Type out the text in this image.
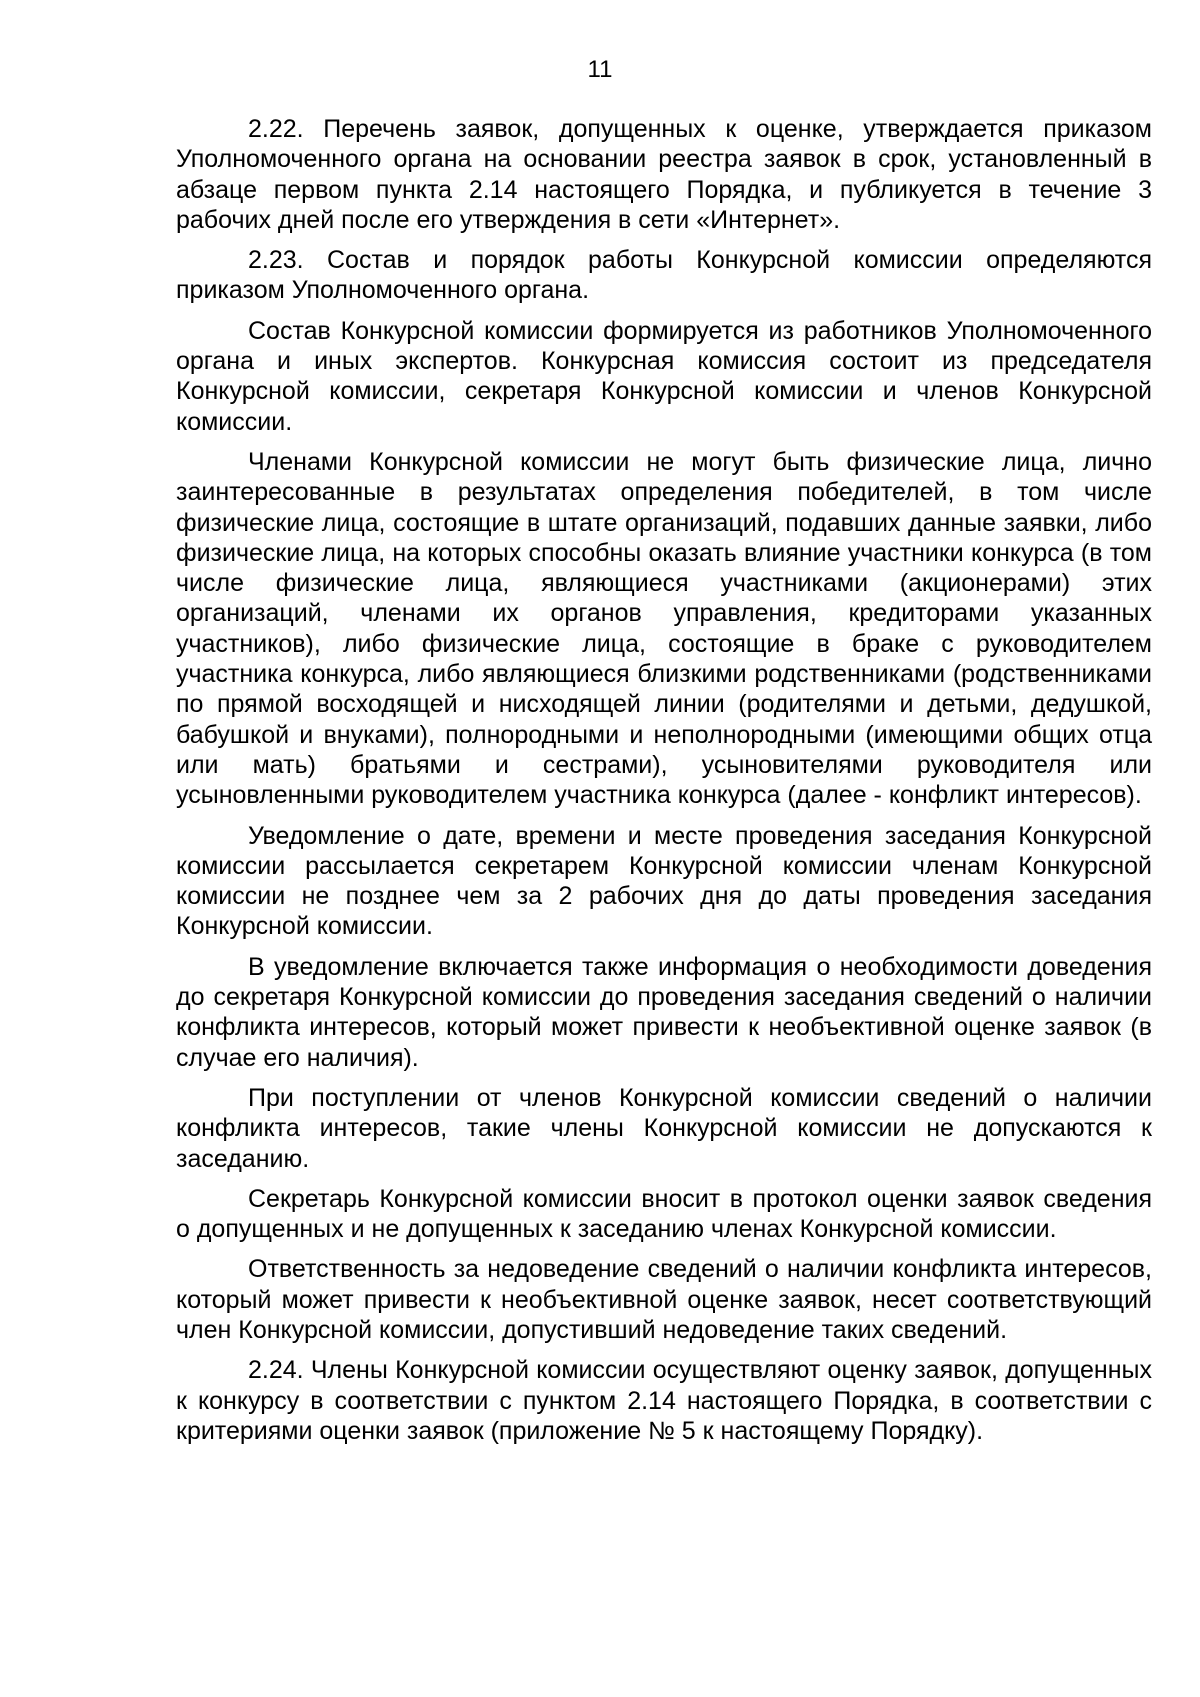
11

2.22. Перечень заявок, допущенных к оценке, утверждается приказом Уполномоченного органа на основании реестра заявок в срок, установленный в абзаце первом пункта 2.14 настоящего Порядка, и публикуется в течение 3 рабочих дней после его утверждения в сети «Интернет».

2.23. Состав и порядок работы Конкурсной комиссии определяются приказом Уполномоченного органа.

Состав Конкурсной комиссии формируется из работников Уполномоченного органа и иных экспертов. Конкурсная комиссия состоит из председателя Конкурсной комиссии, секретаря Конкурсной комиссии и членов Конкурсной комиссии.

Членами Конкурсной комиссии не могут быть физические лица, лично заинтересованные в результатах определения победителей, в том числе физические лица, состоящие в штате организаций, подавших данные заявки, либо физические лица, на которых способны оказать влияние участники конкурса (в том числе физические лица, являющиеся участниками (акционерами) этих организаций, членами их органов управления, кредиторами указанных участников), либо физические лица, состоящие в браке с руководителем участника конкурса, либо являющиеся близкими родственниками (родственниками по прямой восходящей и нисходящей линии (родителями и детьми, дедушкой, бабушкой и внуками), полнородными и неполнородными (имеющими общих отца или мать) братьями и сестрами), усыновителями руководителя или усыновленными руководителем участника конкурса (далее - конфликт интересов).

Уведомление о дате, времени и месте проведения заседания Конкурсной комиссии рассылается секретарем Конкурсной комиссии членам Конкурсной комиссии не позднее чем за 2 рабочих дня до даты проведения заседания Конкурсной комиссии.

В уведомление включается также информация о необходимости доведения до секретаря Конкурсной комиссии до проведения заседания сведений о наличии конфликта интересов, который может привести к необъективной оценке заявок (в случае его наличия).

При поступлении от членов Конкурсной комиссии сведений о наличии конфликта интересов, такие члены Конкурсной комиссии не допускаются к заседанию.

Секретарь Конкурсной комиссии вносит в протокол оценки заявок сведения о допущенных и не допущенных к заседанию членах Конкурсной комиссии.

Ответственность за недоведение сведений о наличии конфликта интересов, который может привести к необъективной оценке заявок, несет соответствующий член Конкурсной комиссии, допустивший недоведение таких сведений.

2.24. Члены Конкурсной комиссии осуществляют оценку заявок, допущенных к конкурсу в соответствии с пунктом 2.14 настоящего Порядка, в соответствии с критериями оценки заявок (приложение № 5 к настоящему Порядку).
